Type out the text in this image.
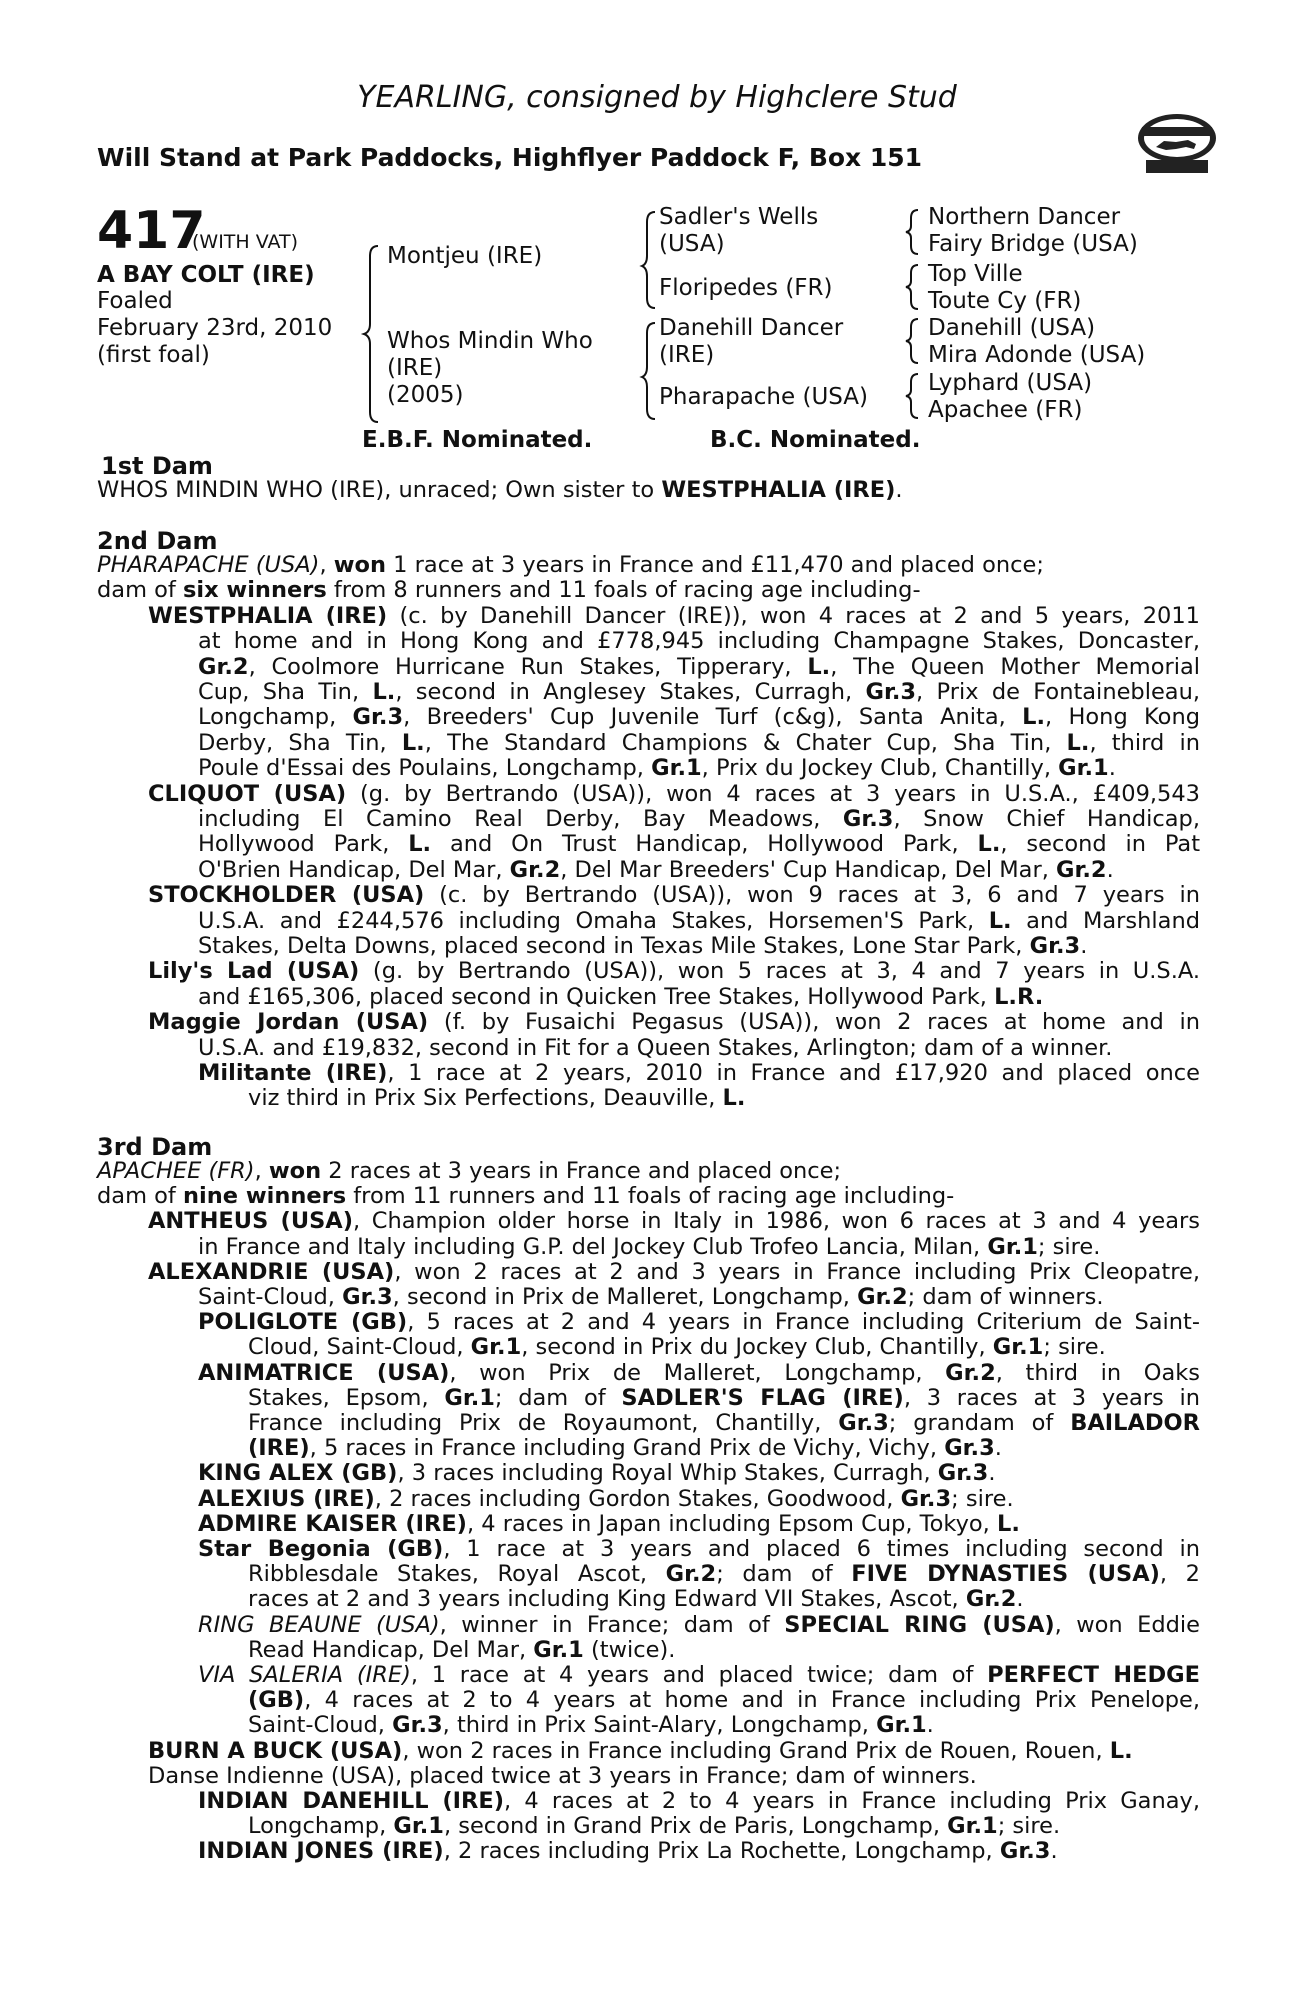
YEARLING, consigned by Highclere Stud
Will Stand at Park Paddocks, Highflyer Paddock F, Box 151
417
(WITH VAT)
A BAY COLT (IRE)
Foaled
February 23rd, 2010
(first foal)
Montjeu (IRE)
Whos Mindin Who
(IRE)
(2005)
Sadler's Wells
(USA)
Floripedes (FR)
Danehill Dancer
(IRE)
Pharapache (USA)
Northern Dancer
Fairy Bridge (USA)
Top Ville
Toute Cy (FR)
Danehill (USA)
Mira Adonde (USA)
Lyphard (USA)
Apachee (FR)
E.B.F. Nominated.	B.C. Nominated.
1st Dam
WHOS MINDIN WHO (IRE), unraced; Own sister to WESTPHALIA (IRE).
2nd Dam
PHARAPACHE (USA), won 1 race at 3 years in France and £11,470 and placed once;
dam of six winners from 8 runners and 11 foals of racing age including-
WESTPHALIA (IRE) (c. by Danehill Dancer (IRE)), won 4 races at 2 and 5 years, 2011
at home and in Hong Kong and £778,945 including Champagne Stakes, Doncaster,
Gr.2, Coolmore Hurricane Run Stakes, Tipperary, L., The Queen Mother Memorial
Cup, Sha Tin, L., second in Anglesey Stakes, Curragh, Gr.3, Prix de Fontainebleau,
Longchamp, Gr.3, Breeders' Cup Juvenile Turf (c&g), Santa Anita, L., Hong Kong
Derby, Sha Tin, L., The Standard Champions & Chater Cup, Sha Tin, L., third in
Poule d'Essai des Poulains, Longchamp, Gr.1, Prix du Jockey Club, Chantilly, Gr.1.
CLIQUOT (USA) (g. by Bertrando (USA)), won 4 races at 3 years in U.S.A., £409,543
including El Camino Real Derby, Bay Meadows, Gr.3, Snow Chief Handicap,
Hollywood Park, L. and On Trust Handicap, Hollywood Park, L., second in Pat
O'Brien Handicap, Del Mar, Gr.2, Del Mar Breeders' Cup Handicap, Del Mar, Gr.2.
STOCKHOLDER (USA) (c. by Bertrando (USA)), won 9 races at 3, 6 and 7 years in
U.S.A. and £244,576 including Omaha Stakes, Horsemen'S Park, L. and Marshland
Stakes, Delta Downs, placed second in Texas Mile Stakes, Lone Star Park, Gr.3.
Lily's Lad (USA) (g. by Bertrando (USA)), won 5 races at 3, 4 and 7 years in U.S.A.
and £165,306, placed second in Quicken Tree Stakes, Hollywood Park, L.R.
Maggie Jordan (USA) (f. by Fusaichi Pegasus (USA)), won 2 races at home and in
U.S.A. and £19,832, second in Fit for a Queen Stakes, Arlington; dam of a winner.
Militante (IRE), 1 race at 2 years, 2010 in France and £17,920 and placed once
viz third in Prix Six Perfections, Deauville, L.
3rd Dam
APACHEE (FR), won 2 races at 3 years in France and placed once;
dam of nine winners from 11 runners and 11 foals of racing age including-
ANTHEUS (USA), Champion older horse in Italy in 1986, won 6 races at 3 and 4 years
in France and Italy including G.P. del Jockey Club Trofeo Lancia, Milan, Gr.1; sire.
ALEXANDRIE (USA), won 2 races at 2 and 3 years in France including Prix Cleopatre,
Saint-Cloud, Gr.3, second in Prix de Malleret, Longchamp, Gr.2; dam of winners.
POLIGLOTE (GB), 5 races at 2 and 4 years in France including Criterium de Saint-
Cloud, Saint-Cloud, Gr.1, second in Prix du Jockey Club, Chantilly, Gr.1; sire.
ANIMATRICE (USA), won Prix de Malleret, Longchamp, Gr.2, third in Oaks
Stakes, Epsom, Gr.1; dam of SADLER'S FLAG (IRE), 3 races at 3 years in
France including Prix de Royaumont, Chantilly, Gr.3; grandam of BAILADOR
(IRE), 5 races in France including Grand Prix de Vichy, Vichy, Gr.3.
KING ALEX (GB), 3 races including Royal Whip Stakes, Curragh, Gr.3.
ALEXIUS (IRE), 2 races including Gordon Stakes, Goodwood, Gr.3; sire.
ADMIRE KAISER (IRE), 4 races in Japan including Epsom Cup, Tokyo, L.
Star Begonia (GB), 1 race at 3 years and placed 6 times including second in
Ribblesdale Stakes, Royal Ascot, Gr.2; dam of FIVE DYNASTIES (USA), 2
races at 2 and 3 years including King Edward VII Stakes, Ascot, Gr.2.
RING BEAUNE (USA), winner in France; dam of SPECIAL RING (USA), won Eddie
Read Handicap, Del Mar, Gr.1 (twice).
VIA SALERIA (IRE), 1 race at 4 years and placed twice; dam of PERFECT HEDGE
(GB), 4 races at 2 to 4 years at home and in France including Prix Penelope,
Saint-Cloud, Gr.3, third in Prix Saint-Alary, Longchamp, Gr.1.
BURN A BUCK (USA), won 2 races in France including Grand Prix de Rouen, Rouen, L.
Danse Indienne (USA), placed twice at 3 years in France; dam of winners.
INDIAN DANEHILL (IRE), 4 races at 2 to 4 years in France including Prix Ganay,
Longchamp, Gr.1, second in Grand Prix de Paris, Longchamp, Gr.1; sire.
INDIAN JONES (IRE), 2 races including Prix La Rochette, Longchamp, Gr.3.
